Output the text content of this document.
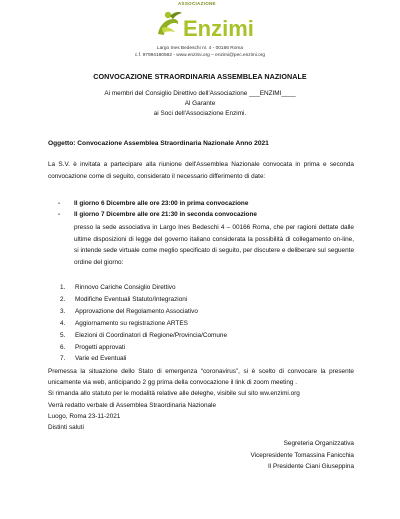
Enzimi
ASSOCIAZIONE
Largo Ines Bedeschi nr. 4 - 00166 Roma
c.f. 97994180582 - www.enzimi.org – enzimi@pec.enzimi.org
CONVOCAZIONE STRAORDINARIA ASSEMBLEA NAZIONALE
Ai membri del Consiglio Direttivo dell'Associazione ___ENZIMI____
Al Garante
ai Soci dell'Associazione Enzimi.
Oggetto: Convocazione Assemblea Straordinaria Nazionale Anno 2021
La S.V. è invitata a partecipare alla riunione dell'Assemblea Nazionale convocata in prima e seconda convocazione come di seguito, considerato il necessario differimento di date:
- Il giorno 6 Dicembre alle ore 23:00 in prima convocazione
- Il giorno 7 Dicembre alle ore 21:30 in seconda convocazione
presso la sede associativa in Largo Ines Bedeschi 4 – 00166 Roma, che per ragioni dettate dalle ultime disposizioni di legge del governo italiano considerata la possibilità di collegamento on-line, si intende sede virtuale come meglio specificato di seguito, per discutere e deliberare sul seguente ordine del giorno:
1. Rinnovo Cariche Consiglio Direttivo
2. Modifiche Eventuali Statuto/Integrazioni
3. Approvazione del Regolamento Associativo
4. Aggiornamento su registrazione ARTES
5. Elezioni di Coordinatori di Regione/Provincia/Comune
6. Progetti approvati
7. Varie ed Eventuali
Premessa la situazione dello Stato di emergenza “coronavirus”, si è scelto di convocare la presente unicamente via web, anticipando 2 gg prima della convocazione il link di zoom meeting .
Si rimanda allo statuto per le modalità relative alle deleghe, visibile sul sito ww.enzimi.org
Verrà redatto verbale di Assemblea Straordinaria Nazionale
Luogo, Roma 23-11-2021
Distinti saluti
Segreteria Organizzativa
Vicepresidente Tomassina Fanicchia
Il Presidente Ciani Giuseppina
